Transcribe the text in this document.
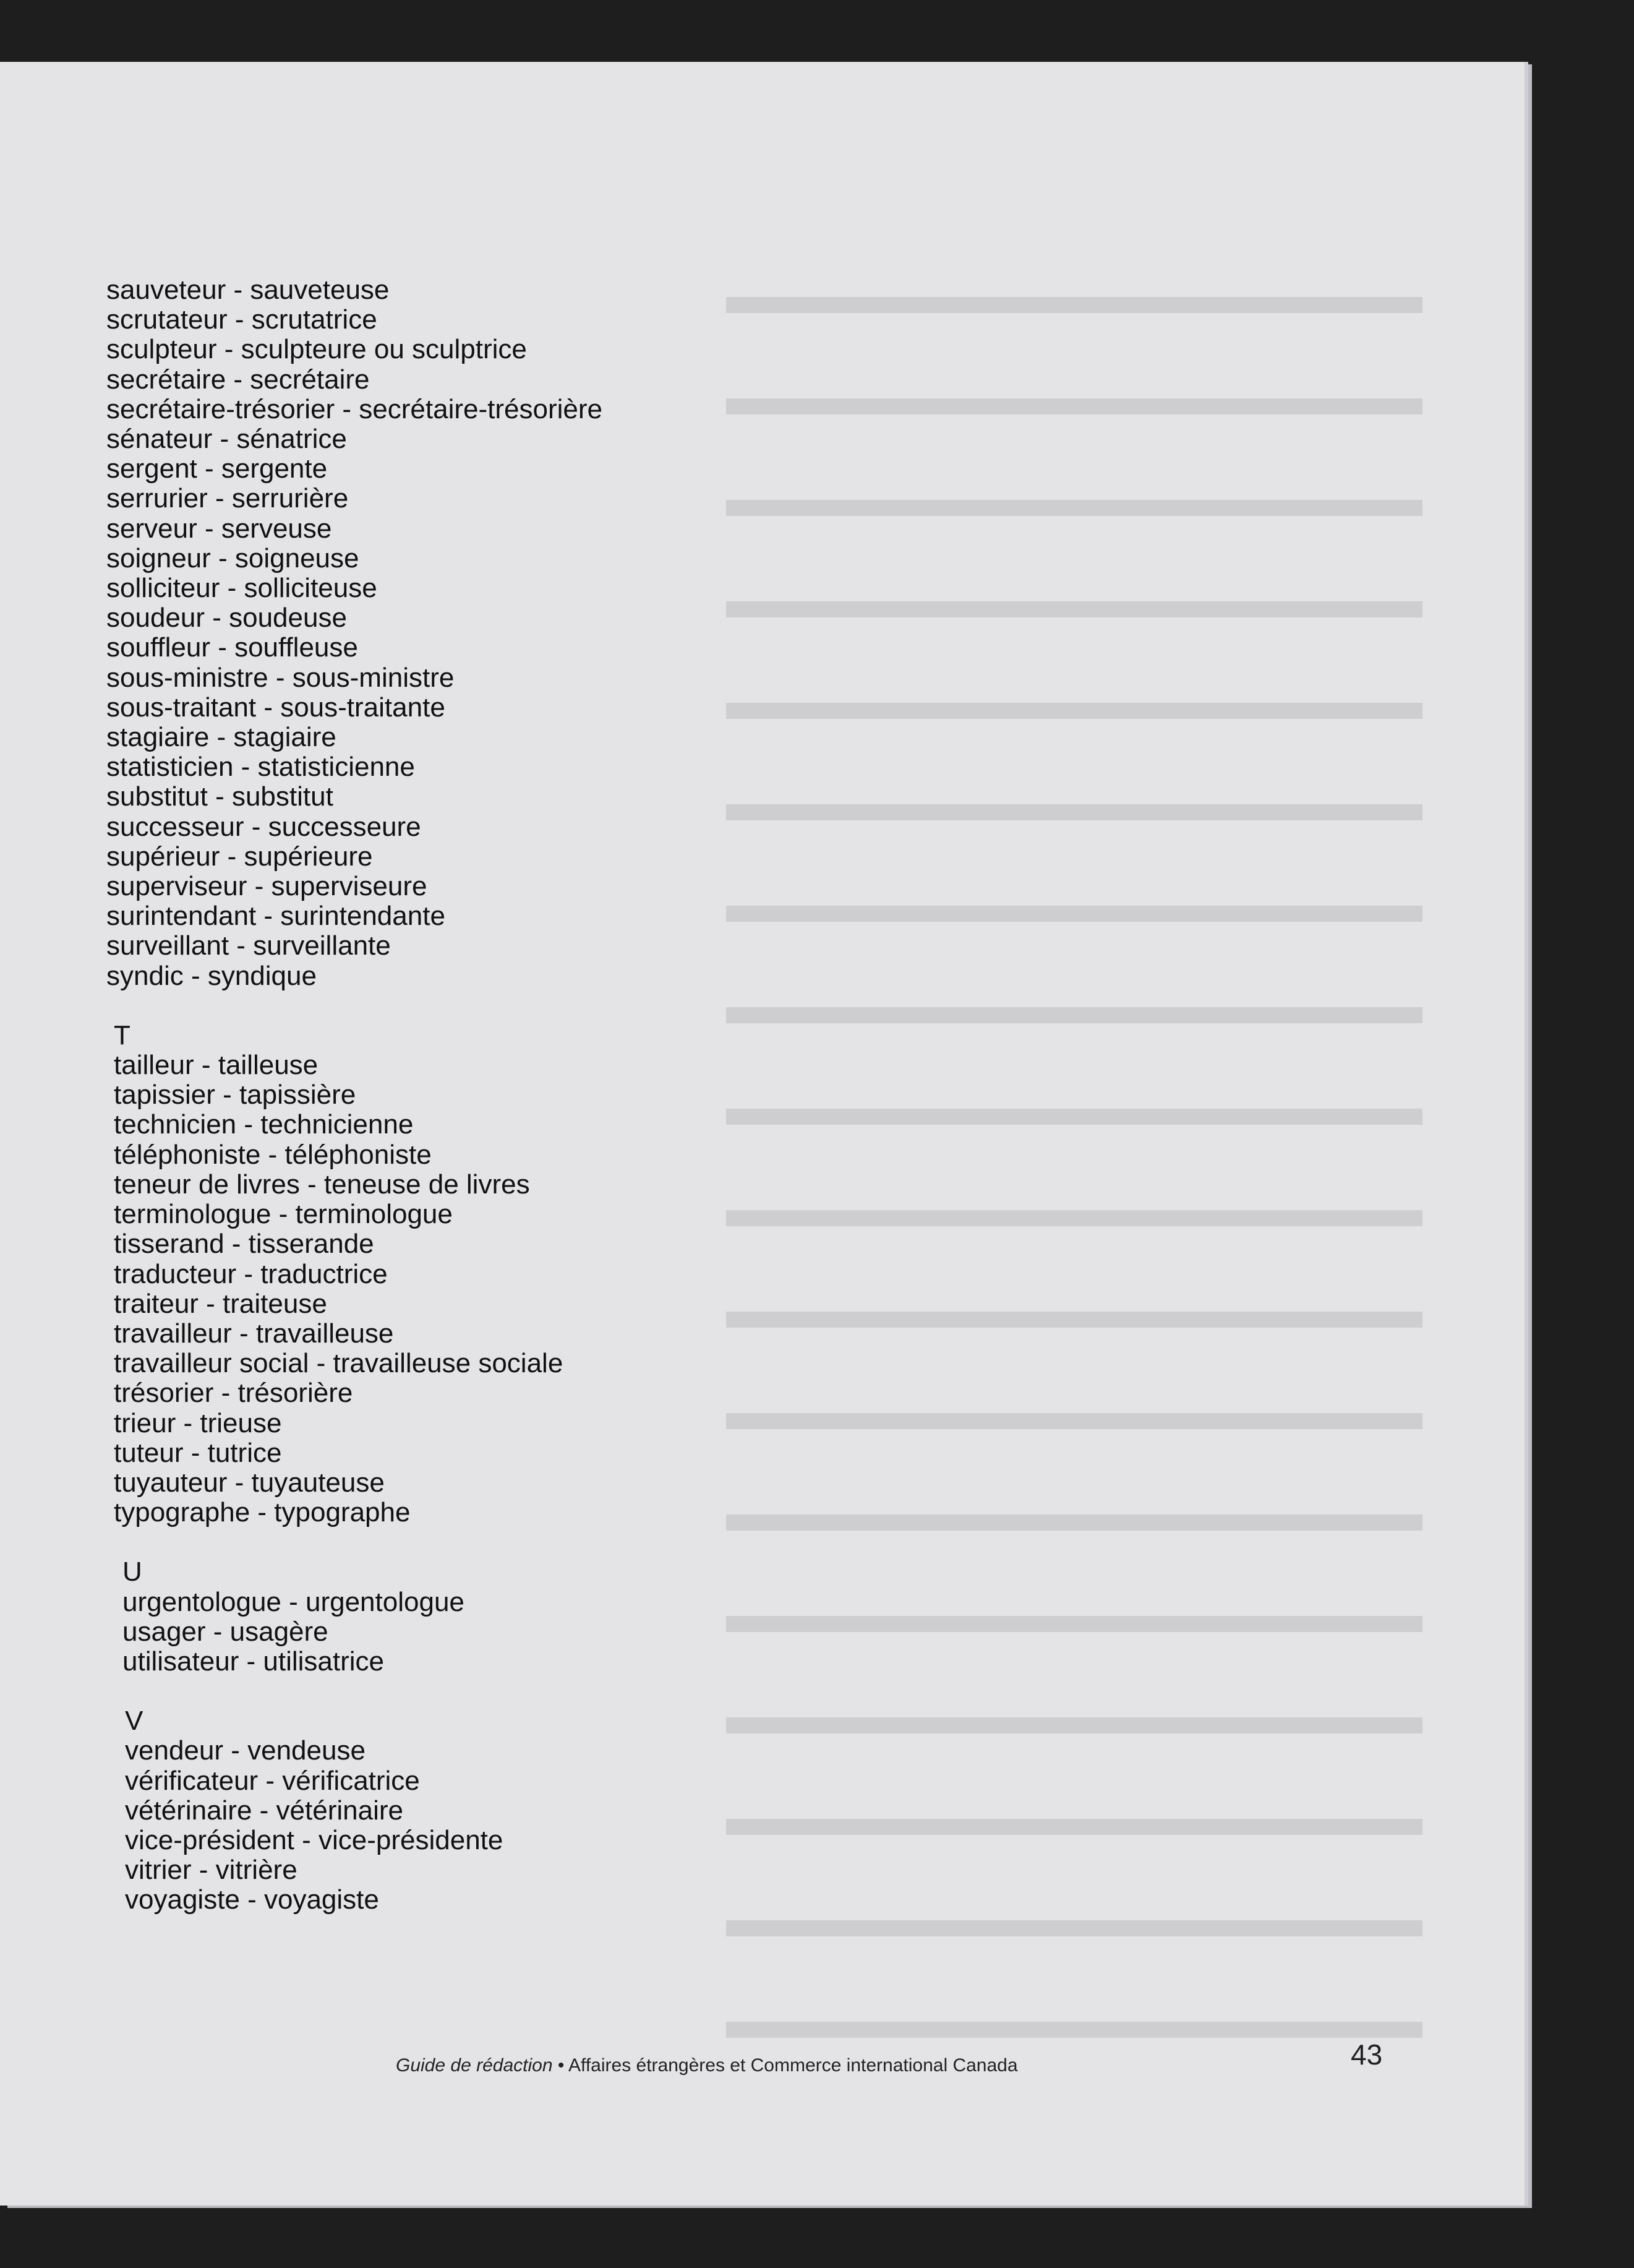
sauveteur - sauveteuse
scrutateur - scrutatrice
sculpteur - sculpteure ou sculptrice
secrétaire - secrétaire
secrétaire-trésorier - secrétaire-trésorière
sénateur - sénatrice
sergent - sergente
serrurier - serrurière
serveur - serveuse
soigneur - soigneuse
solliciteur - solliciteuse
soudeur - soudeuse
souffleur - souffleuse
sous-ministre - sous-ministre
sous-traitant - sous-traitante
stagiaire - stagiaire
statisticien - statisticienne
substitut - substitut
successeur - successeure
supérieur - supérieure
superviseur - superviseure
surintendant - surintendante
surveillant - surveillante
syndic - syndique
T
tailleur - tailleuse
tapissier - tapissière
technicien - technicienne
téléphoniste - téléphoniste
teneur de livres - teneuse de livres
terminologue - terminologue
tisserand - tisserande
traducteur - traductrice
traiteur - traiteuse
travailleur - travailleuse
travailleur social - travailleuse sociale
trésorier - trésorière
trieur - trieuse
tuteur - tutrice
tuyauteur - tuyauteuse
typographe - typographe
U
urgentologue - urgentologue
usager - usagère
utilisateur - utilisatrice
V
vendeur - vendeuse
vérificateur - vérificatrice
vétérinaire - vétérinaire
vice-président - vice-présidente
vitrier - vitrière
voyagiste - voyagiste
Guide de rédaction • Affaires étrangères et Commerce international Canada	43
